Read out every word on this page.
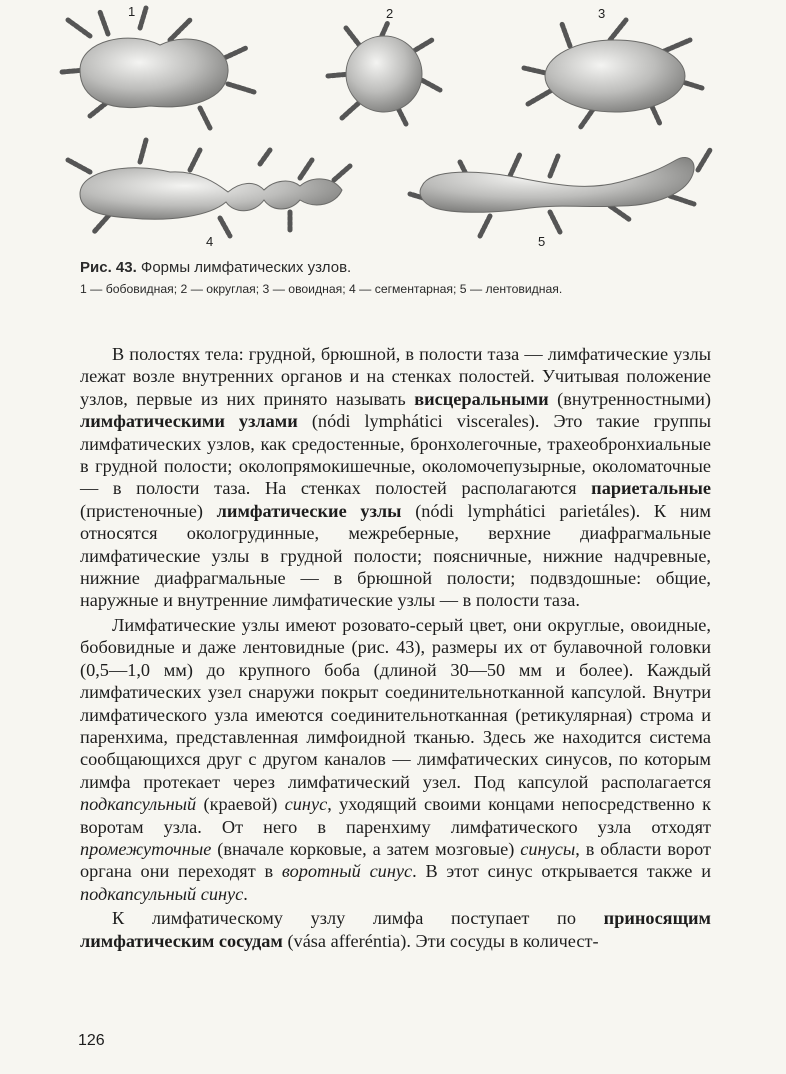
1	2	3
4	5

Рис. 43. Формы лимфатических узлов.

1 — бобовидная; 2 — округлая; 3 — овоидная; 4 — сегментарная; 5 — лентовидная.

В полостях тела: грудной, брюшной, в полости таза — лимфатические узлы лежат возле внутренних органов и на стенках полостей. Учитывая положение узлов, первые из них принято называть висцеральными (внутренностными) лимфатическими узлами (nódi lymphátici viscerales). Это такие группы лимфатических узлов, как средостенные, бронхолегочные, трахеобронхиальные в грудной полости; околопрямокишечные, околомочепузырные, околоматочные — в полости таза. На стенках полостей располагаются париетальные (пристеночные) лимфатические узлы (nódi lymphátici parietáles). К ним относятся окологрудинные, межреберные, верхние диафрагмальные лимфатические узлы в грудной полости; поясничные, нижние надчревные, нижние диафрагмальные — в брюшной полости; подвздошные: общие, наружные и внутренние лимфатические узлы — в полости таза.

Лимфатические узлы имеют розовато-серый цвет, они округлые, овоидные, бобовидные и даже лентовидные (рис. 43), размеры их от булавочной головки (0,5—1,0 мм) до крупного боба (длиной 30—50 мм и более). Каждый лимфатических узел снаружи покрыт соединительнотканной капсулой. Внутри лимфатического узла имеются соединительнотканная (ретикулярная) строма и паренхима, представленная лимфоидной тканью. Здесь же находится система сообщающихся друг с другом каналов — лимфатических синусов, по которым лимфа протекает через лимфатический узел. Под капсулой располагается подкапсульный (краевой) синус, уходящий своими концами непосредственно к воротам узла. От него в паренхиму лимфатического узла отходят промежуточные (вначале корковые, а затем мозговые) синусы, в области ворот органа они переходят в воротный синус. В этот синус открывается также и подкапсульный синус.

К лимфатическому узлу лимфа поступает по приносящим лимфатическим сосудам (vása afferéntia). Эти сосуды в количест-

126
